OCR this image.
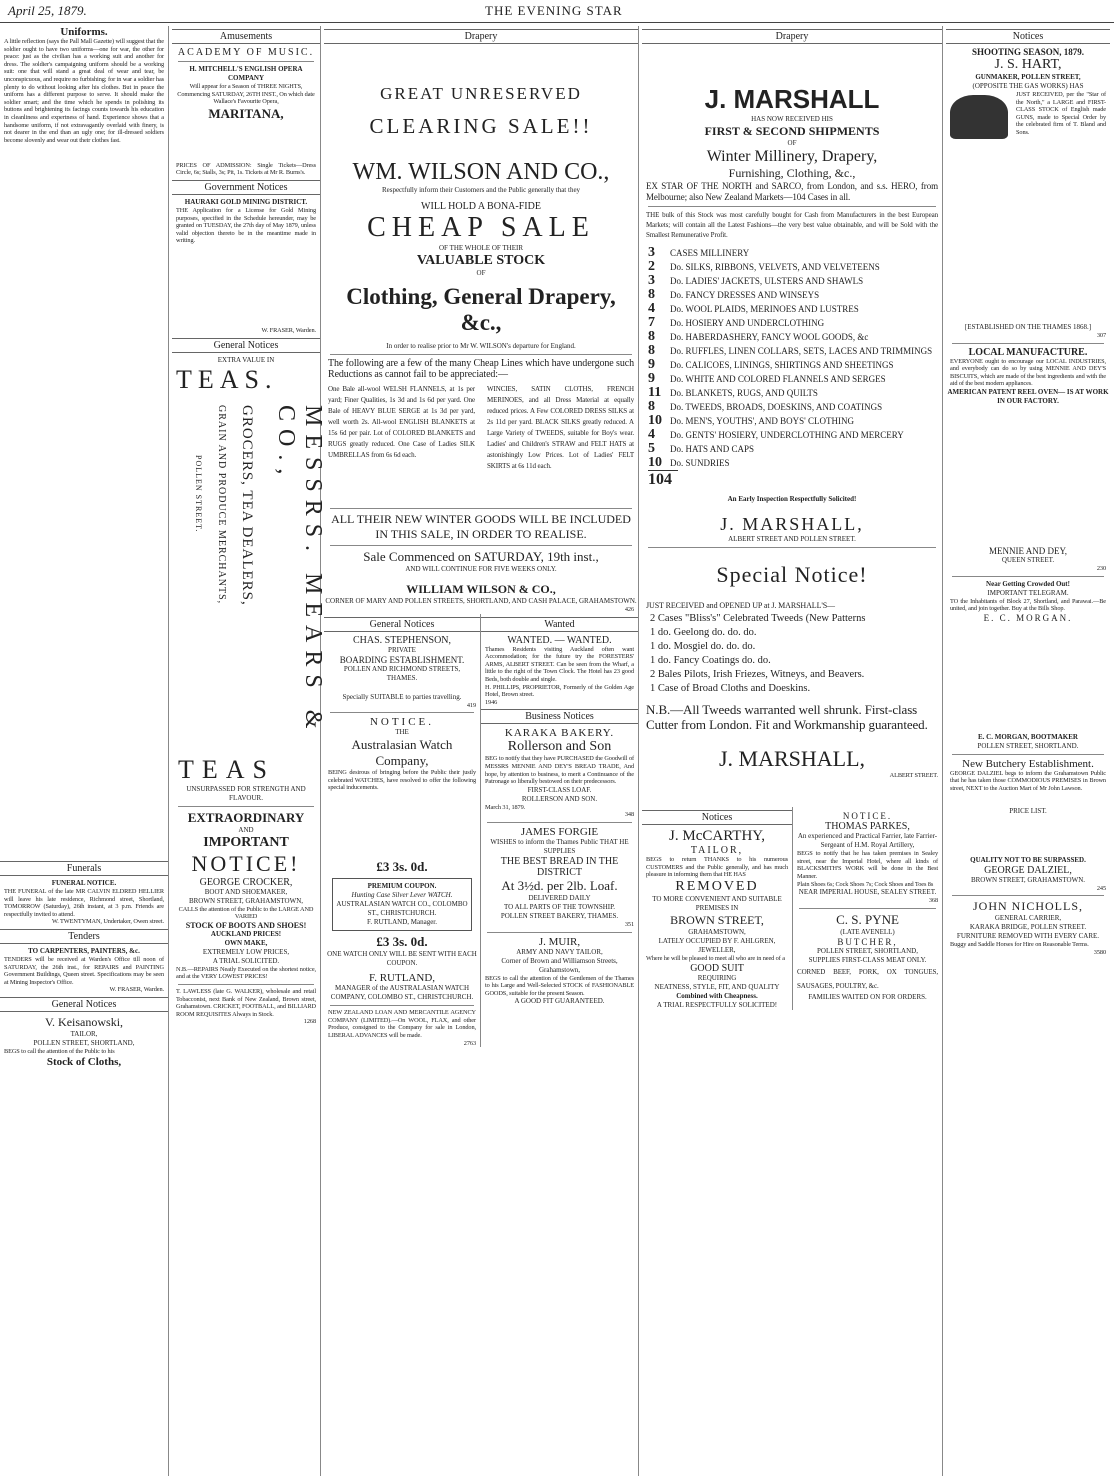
April 25, 1879.	THE EVENING STAR
Uniforms.
A little reflection (says the Pall Mall Gazette) will suggest that the soldier ought to have two uniforms—one for war, the other for peace: just as the civilian has a working suit and another for dress. The soldier's campaigning uniform should be a working suit: one that will stand a great deal of wear and tear, be unconspicuous, and require no furbishing; for in war a soldier has plenty to do without looking after his clothes. But in peace the uniform has a different purpose to serve. It should make the soldier smart; and the time which he spends in polishing its buttons and brightening its facings counts towards his education in cleanliness and expertness of hand. Experience shows that a handsome uniform, if not extravagantly overlaid with finery, is not dearer in the end than an ugly one; for ill-dressed soldiers become slovenly and wear out their clothes fast.
Funerals
FUNERAL NOTICE.
THE FUNERAL of the late MR CALVIN ELDRED HELLIER will leave his late residence, Richmond street, Shortland, TOMORROW (Saturday), 26th instant, at 3 p.m. Friends are respectfully invited to attend.
W. TWENTYMAN, Undertaker, Owen street.
Tenders
TO CARPENTERS, PAINTERS, &c.
TENDERS will be received at Warden's Office till noon of SATURDAY, the 26th inst., for REPAIRS and PAINTING Government Buildings, Queen street. Specifications may be seen at Mining Inspector's Office.
W. FRASER, Warden.
General Notices
V. Keisanowski,
TAILOR,
POLLEN STREET, SHORTLAND,
BEGS to call the attention of the Public to his
Stock of Cloths,
Amusements
ACADEMY OF MUSIC.
H. MITCHELL'S ENGLISH OPERA COMPANY
Will appear for a Season of THREE NIGHTS, Commencing SATURDAY, 26TH INST., On which date Wallace's Favourite Opera,
MARITANA,
PRICES OF ADMISSION: Single Tickets—Dress Circle, 6s; Stalls, 3s; Pit, 1s. Tickets at Mr R. Burns's.
Government Notices
HAURAKI GOLD MINING DISTRICT.
THE Application for a License for Gold Mining purposes, specified in the Schedule hereunder, may be granted on TUESDAY, the 27th day of May 1879, unless valid objection thereto be in the meantime made in writing.
W. FRASER, Warden.
General Notices
EXTRA VALUE IN
TEAS.
MESSRS. MEARS & CO.,
GROCERS, TEA DEALERS,
GRAIN AND PRODUCE MERCHANTS,
POLLEN STREET.
TEAS
UNSURPASSED FOR STRENGTH AND FLAVOUR.
EXTRAORDINARY
AND
IMPORTANT
NOTICE!
GEORGE CROCKER,
BOOT AND SHOEMAKER,
BROWN STREET, GRAHAMSTOWN,
CALLS the attention of the Public to the LARGE AND VARIED
STOCK OF BOOTS AND SHOES!
AUCKLAND PRICES!
OWN MAKE,
EXTREMELY LOW PRICES,
A TRIAL SOLICITED.
N.B.—REPAIRS Neatly Executed on the shortest notice, and at the VERY LOWEST PRICES!
T. LAWLESS (late G. WALKER), wholesale and retail Tobacconist, next Bank of New Zealand, Brown street, Grahamstown. CRICKET, FOOTBALL, and BILLIARD ROOM REQUISITES Always in Stock.
1268
Drapery
GREAT UNRESERVED
CLEARING SALE!!
WM. WILSON AND CO.,
Respectfully inform their Customers and the Public generally that they
WILL HOLD A BONA-FIDE
CHEAP SALE
OF THE WHOLE OF THEIR
VALUABLE STOCK
OF
Clothing, General Drapery, &c.,
In order to realise prior to Mr W. WILSON's departure for England.
The following are a few of the many Cheap Lines which have undergone such Reductions as cannot fail to be appreciated:—
One Bale all-wool WELSH FLANNELS, at 1s per yard; Finer Qualities, 1s 3d and 1s 6d per yard. One Bale of HEAVY BLUE SERGE at 1s 3d per yard, well worth 2s. All-wool ENGLISH BLANKETS at 15s 6d per pair. Lot of COLORED BLANKETS and RUGS greatly reduced. One Case of Ladies SILK UMBRELLAS from 6s 6d each.
WINCIES, SATIN CLOTHS, FRENCH MERINOES, and all Dress Material at equally reduced prices. A Few COLORED DRESS SILKS at 2s 11d per yard. BLACK SILKS greatly reduced. A Large Variety of TWEEDS, suitable for Boy's wear. Ladies' and Children's STRAW and FELT HATS at astonishingly Low Prices. Lot of Ladies' FELT SKIRTS at 6s 11d each.
ALL THEIR NEW WINTER GOODS WILL BE INCLUDED IN THIS SALE, IN ORDER TO REALISE.
Sale Commenced on SATURDAY, 19th inst.,
AND WILL CONTINUE FOR FIVE WEEKS ONLY.
WILLIAM WILSON & CO.,
CORNER OF MARY AND POLLEN STREETS, SHORTLAND, AND CASH PALACE, GRAHAMSTOWN.
426
General Notices
CHAS. STEPHENSON,
PRIVATE
BOARDING ESTABLISHMENT.
POLLEN AND RICHMOND STREETS,
THAMES.
Specially SUITABLE to parties travelling.
419
NOTICE.
THE
Australasian Watch Company,
BEING desirous of bringing before the Public their justly celebrated WATCHES, have resolved to offer the following special inducements.
£3 3s. 0d.
PREMIUM COUPON.
Hunting Case Silver Lever WATCH.
AUSTRALASIAN WATCH CO., COLOMBO ST., CHRISTCHURCH.
F. RUTLAND, Manager.
£3 3s. 0d.
ONE WATCH ONLY WILL BE SENT WITH EACH COUPON.
F. RUTLAND,
MANAGER of the AUSTRALASIAN WATCH COMPANY, COLOMBO ST., CHRISTCHURCH.
NEW ZEALAND LOAN AND MERCANTILE AGENCY COMPANY (LIMITED).—On WOOL, FLAX, and other Produce, consigned to the Company for sale in London, LIBERAL ADVANCES will be made.
2763
Wanted
WANTED. — WANTED.
Thames Residents visiting Auckland often want Accommodation; for the future try the FORESTERS' ARMS, ALBERT STREET. Can be seen from the Wharf, a little to the right of the Town Clock. The Hotel has 23 good Beds, both double and single.
H. PHILLIPS, PROPRIETOR, Formerly of the Golden Age Hotel, Brown street.
1946
Business Notices
KARAKA BAKERY.
Rollerson and Son
BEG to notify that they have PURCHASED the Goodwill of MESSRS MENNIE AND DEY'S BREAD TRADE, And hope, by attention to business, to merit a Continuance of the Patronage so liberally bestowed on their predecessors.
FIRST-CLASS LOAF.
ROLLERSON AND SON.
March 31, 1879.
348
JAMES FORGIE
WISHES to inform the Thames Public THAT HE SUPPLIES
THE BEST BREAD IN THE DISTRICT
At 3½d. per 2lb. Loaf.
DELIVERED DAILY
TO ALL PARTS OF THE TOWNSHIP.
POLLEN STREET BAKERY, THAMES.
351
J. MUIR,
ARMY AND NAVY TAILOR,
Corner of Brown and Williamson Streets, Grahamstown,
BEGS to call the attention of the Gentlemen of the Thames to his Large and Well-Selected STOCK of FASHIONABLE GOODS, suitable for the present Season.
A GOOD FIT GUARANTEED.
Drapery
J. MARSHALL
HAS NOW RECEIVED HIS
FIRST & SECOND SHIPMENTS
OF
Winter Millinery, Drapery,
Furnishing, Clothing, &c.,
EX STAR OF THE NORTH and SARCO, from London, and s.s. HERO, from Melbourne; also New Zealand Markets—104 Cases in all.
THE bulk of this Stock was most carefully bought for Cash from Manufacturers in the best European Markets; will contain all the Latest Fashions—the very best value obtainable, and will be Sold with the Smallest Remunerative Profit.
3	CASES MILLINERY
2	Do. SILKS, RIBBONS, VELVETS, AND VELVETEENS
3	Do. LADIES' JACKETS, ULSTERS AND SHAWLS
8	Do. FANCY DRESSES AND WINSEYS
4	Do. WOOL PLAIDS, MERINOES AND LUSTRES
7	Do. HOSIERY AND UNDERCLOTHING
8	Do. HABERDASHERY, FANCY WOOL GOODS, &c
8	Do. RUFFLES, LINEN COLLARS, SETS, LACES AND TRIMMINGS
9	Do. CALICOES, LININGS, SHIRTINGS AND SHEETINGS
9	Do. WHITE AND COLORED FLANNELS AND SERGES
11 Do. BLANKETS, RUGS, AND QUILTS
8	Do. TWEEDS, BROADS, DOESKINS, AND COATINGS
10 Do. MEN'S, YOUTHS', AND BOYS' CLOTHING
4	Do. GENTS' HOSIERY, UNDERCLOTHING AND MERCERY
5	Do. HATS AND CAPS
10 Do. SUNDRIES
104
An Early Inspection Respectfully Solicited!
J. MARSHALL,
ALBERT STREET AND POLLEN STREET.
Special Notice!
JUST RECEIVED and OPENED UP at J. MARSHALL'S—
2 Cases "Bliss's" Celebrated Tweeds (New Patterns
1 do. Geelong do. do. do.
1 do. Mosgiel do. do. do.
1 do. Fancy Coatings do. do.
2 Bales Pilots, Irish Friezes, Witneys, and Beavers.
1 Case of Broad Cloths and Doeskins.
N.B.—All Tweeds warranted well shrunk. First-class Cutter from London. Fit and Workmanship guaranteed.
J. MARSHALL,
ALBERT STREET.
Notices
J. McCARTHY,
TAILOR,
BEGS to return THANKS to his numerous CUSTOMERS and the Public generally, and has much pleasure in informing them that HE HAS
REMOVED
TO MORE CONVENIENT AND SUITABLE PREMISES IN
BROWN STREET,
GRAHAMSTOWN,
LATELY OCCUPIED BY F. AHLGREN, JEWELLER,
Where he will be pleased to meet all who are in need of a
GOOD SUIT
REQUIRING
NEATNESS, STYLE, FIT, AND QUALITY
Combined with Cheapness.
A TRIAL RESPECTFULLY SOLICITED!
NOTICE.
THOMAS PARKES,
An experienced and Practical Farrier, late Farrier-Sergeant of H.M. Royal Artillery,
BEGS to notify that he has taken premises in Sealey street, near the Imperial Hotel, where all kinds of BLACKSMITH'S WORK will be done in the Best Manner.
Plain Shoes 6s; Cock Shoes 7s; Cock Shoes and Toes 8s
NEAR IMPERIAL HOUSE, SEALEY STREET.
368
C. S. PYNE
(LATE AVENELL)
BUTCHER,
POLLEN STREET, SHORTLAND,
SUPPLIES FIRST-CLASS MEAT ONLY.
CORNED BEEF, PORK, OX TONGUES, SAUSAGES, POULTRY, &c.
FAMILIES WAITED ON FOR ORDERS.
Notices
SHOOTING SEASON, 1879.
J. S. HART,
GUNMAKER, POLLEN STREET,
(OPPOSITE THE GAS WORKS) HAS
JUST RECEIVED, per the "Star of the North," a LARGE and FIRST-CLASS STOCK of English made GUNS, made to Special Order by the celebrated firm of T. Bland and Sons.
[ESTABLISHED ON THE THAMES 1868.]
307
LOCAL MANUFACTURE.
EVERYONE ought to encourage our LOCAL INDUSTRIES, and everybody can do so by using MENNIE AND DEY'S BISCUITS, which are made of the best ingredients and with the aid of the best modern appliances.
AMERICAN PATENT REEL OVEN— IS AT WORK IN OUR FACTORY.
MENNIE AND DEY,
QUEEN STREET.
230
Near Getting Crowded Out!
IMPORTANT TELEGRAM.
TO the Inhabitants of Block 27, Shortland, and Parawai.—Be united, and join together. Buy at the Bills Shop.
E. C. MORGAN.
E. C. MORGAN, BOOTMAKER
POLLEN STREET, SHORTLAND.
New Butchery Establishment.
GEORGE DALZIEL begs to inform the Grahamstown Public that he has taken those COMMODIOUS PREMISES in Brown street, NEXT to the Auction Mart of Mr John Lawson.
PRICE LIST.
QUALITY NOT TO BE SURPASSED.
GEORGE DALZIEL,
BROWN STREET, GRAHAMSTOWN.
245
JOHN NICHOLLS,
GENERAL CARRIER,
KARAKA BRIDGE, POLLEN STREET.
FURNITURE REMOVED WITH EVERY CARE.
Buggy and Saddle Horses for Hire on Reasonable Terms.
3580
